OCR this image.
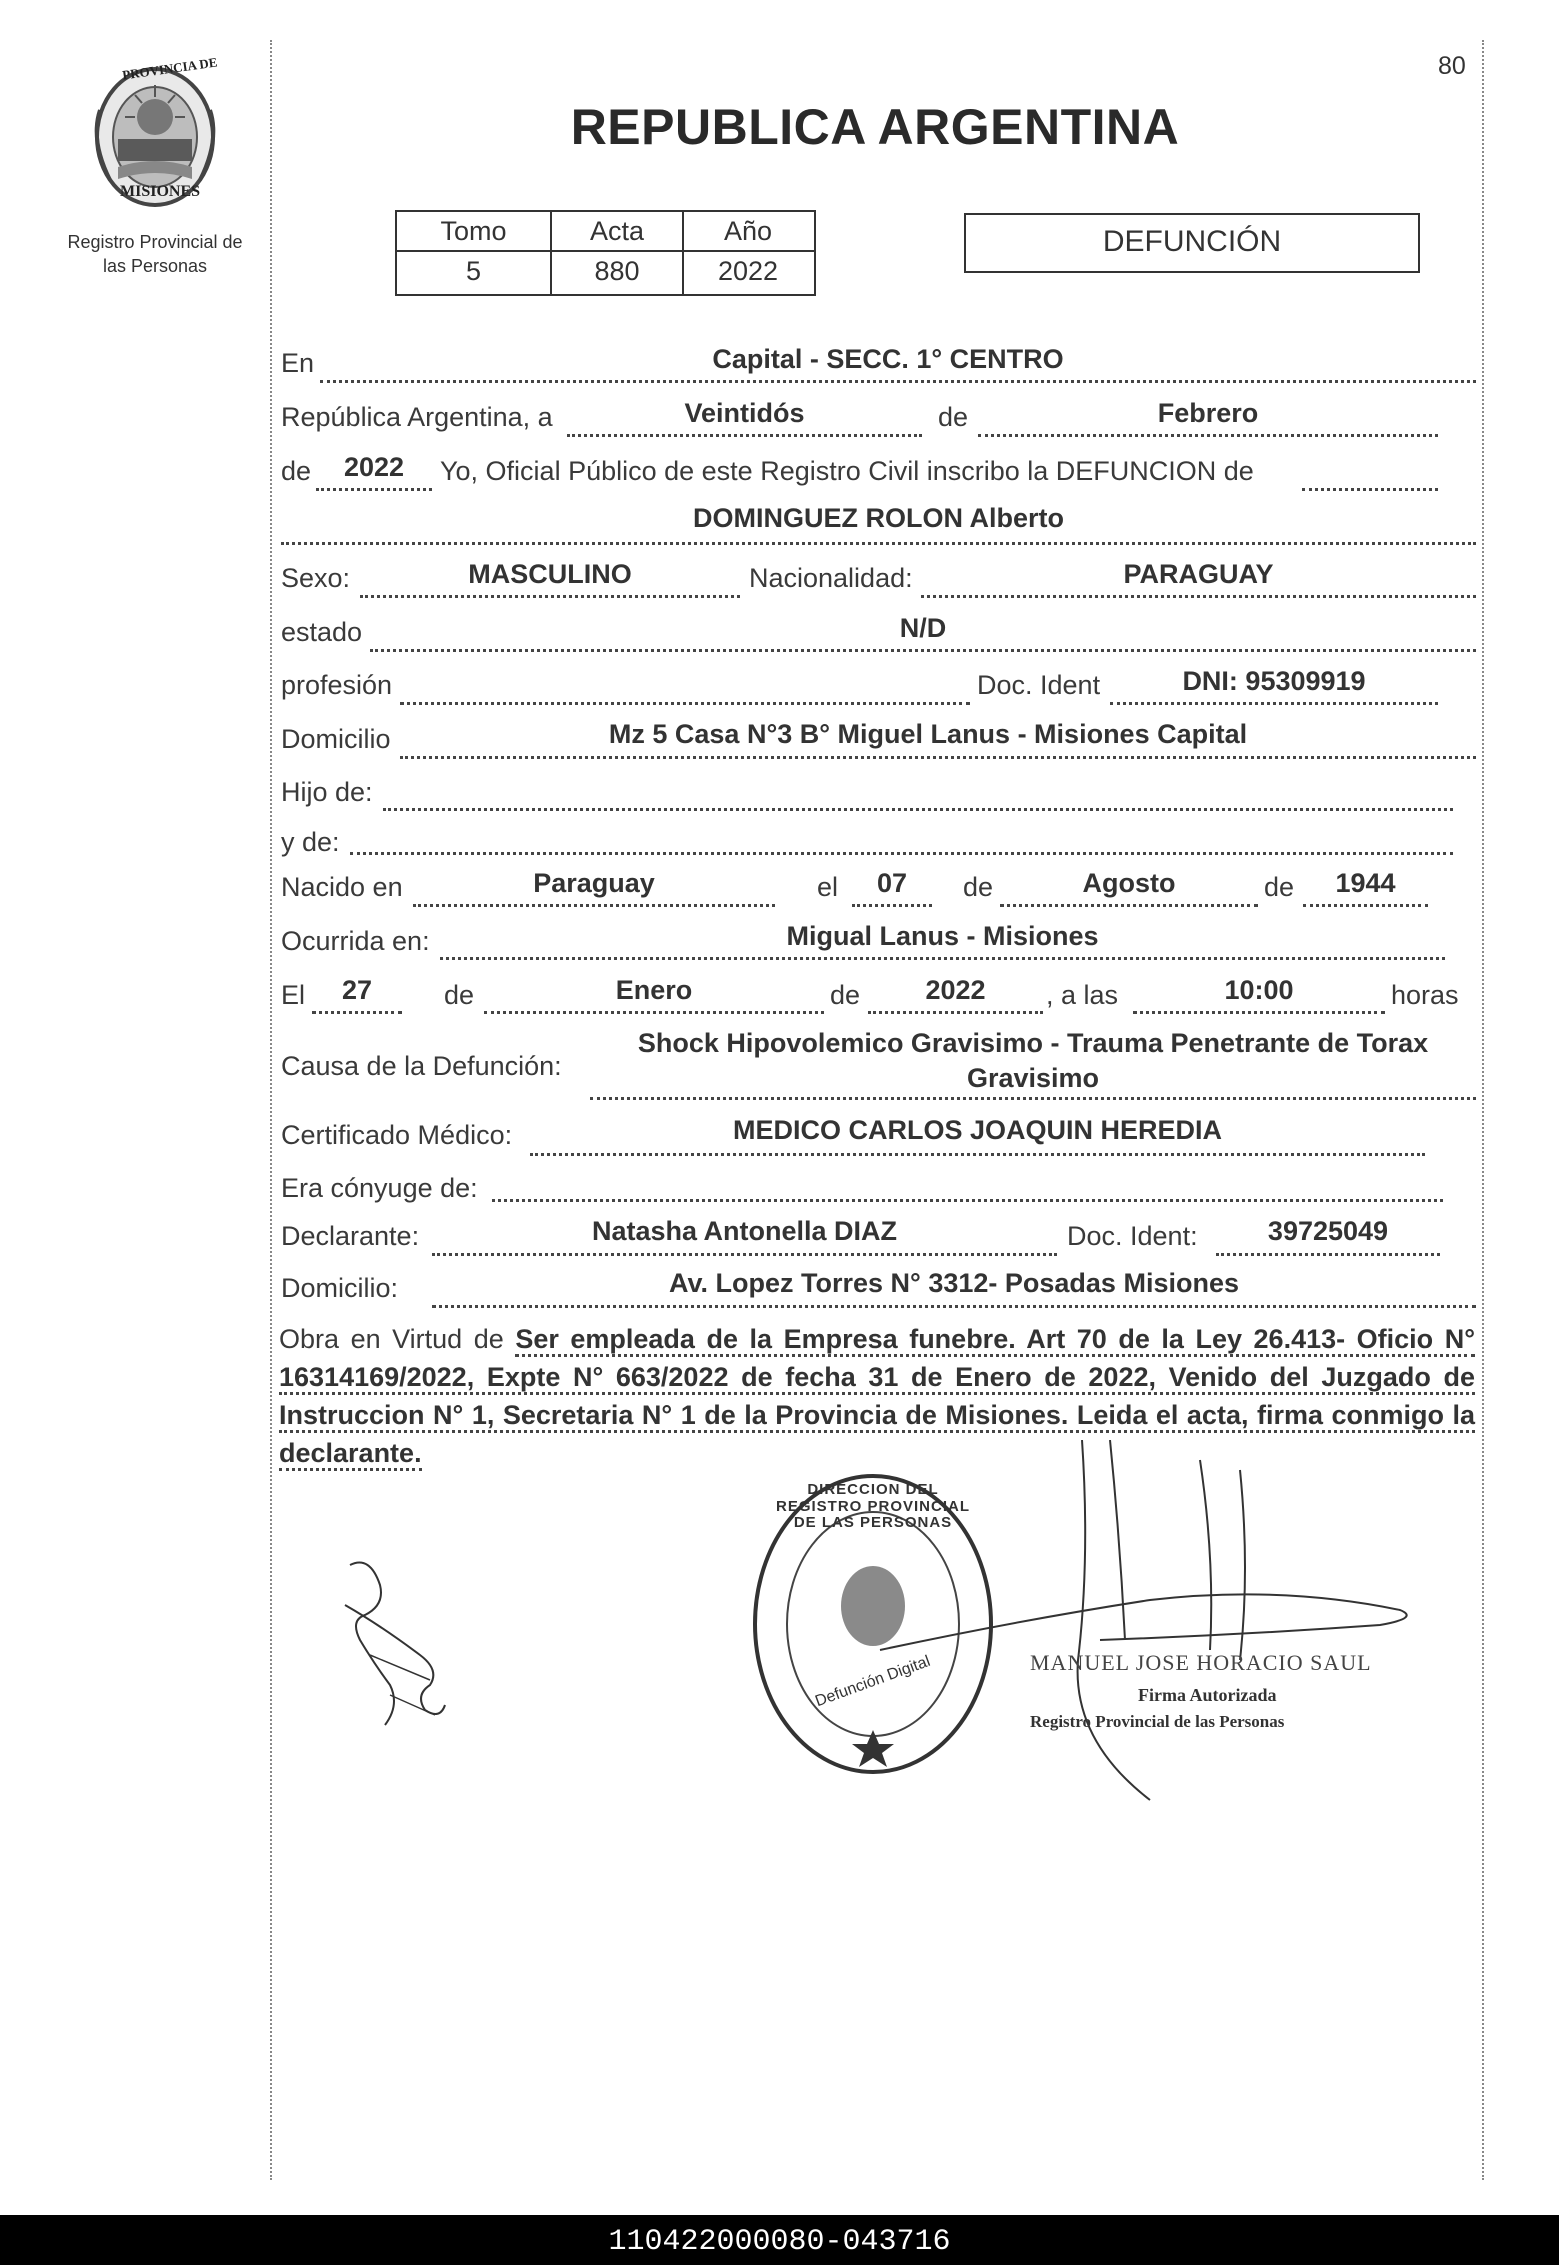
80
PROVINCIA DE
MISIONES
Registro Provincial de
las Personas
REPUBLICA ARGENTINA
Tomo	Acta	Año
5	880	2022
DEFUNCIÓN
En	Capital - SECC. 1° CENTRO
República Argentina, a	Veintidós	de	Febrero
de	2022	Yo, Oficial Público de este Registro Civil inscribo la DEFUNCION de
DOMINGUEZ ROLON Alberto
Sexo:	MASCULINO	Nacionalidad:	PARAGUAY
estado	N/D
profesión	Doc. Ident	DNI: 95309919
Domicilio	Mz 5 Casa N°3 B° Miguel Lanus - Misiones Capital
Hijo de:
y de:
Nacido en	Paraguay	el	07	de	Agosto	de	1944
Ocurrida en:	Migual Lanus - Misiones
El	27	de	Enero	de	2022	, a las	10:00	horas
Causa de la Defunción:
Shock Hipovolemico Gravisimo - Trauma Penetrante de Torax
Gravisimo
Certificado Médico:	MEDICO CARLOS JOAQUIN HEREDIA
Era cónyuge de:
Declarante:	Natasha Antonella DIAZ	Doc. Ident:	39725049
Domicilio:	Av. Lopez Torres N° 3312- Posadas Misiones
Obra en Virtud de Ser empleada de la Empresa funebre. Art 70 de la Ley 26.413- Oficio N° 16314169/2022, Expte N° 663/2022 de fecha 31 de Enero de 2022, Venido del Juzgado de Instruccion N° 1, Secretaria N° 1 de la Provincia de Misiones. Leida el acta, firma conmigo la declarante.
DIRECCION DEL REGISTRO PROVINCIAL DE LAS PERSONAS
Defunción Digital	MANUEL JOSE HORACIO SAUL
Firma Autorizada
Registro Provincial de las Personas
110422000080-043716
